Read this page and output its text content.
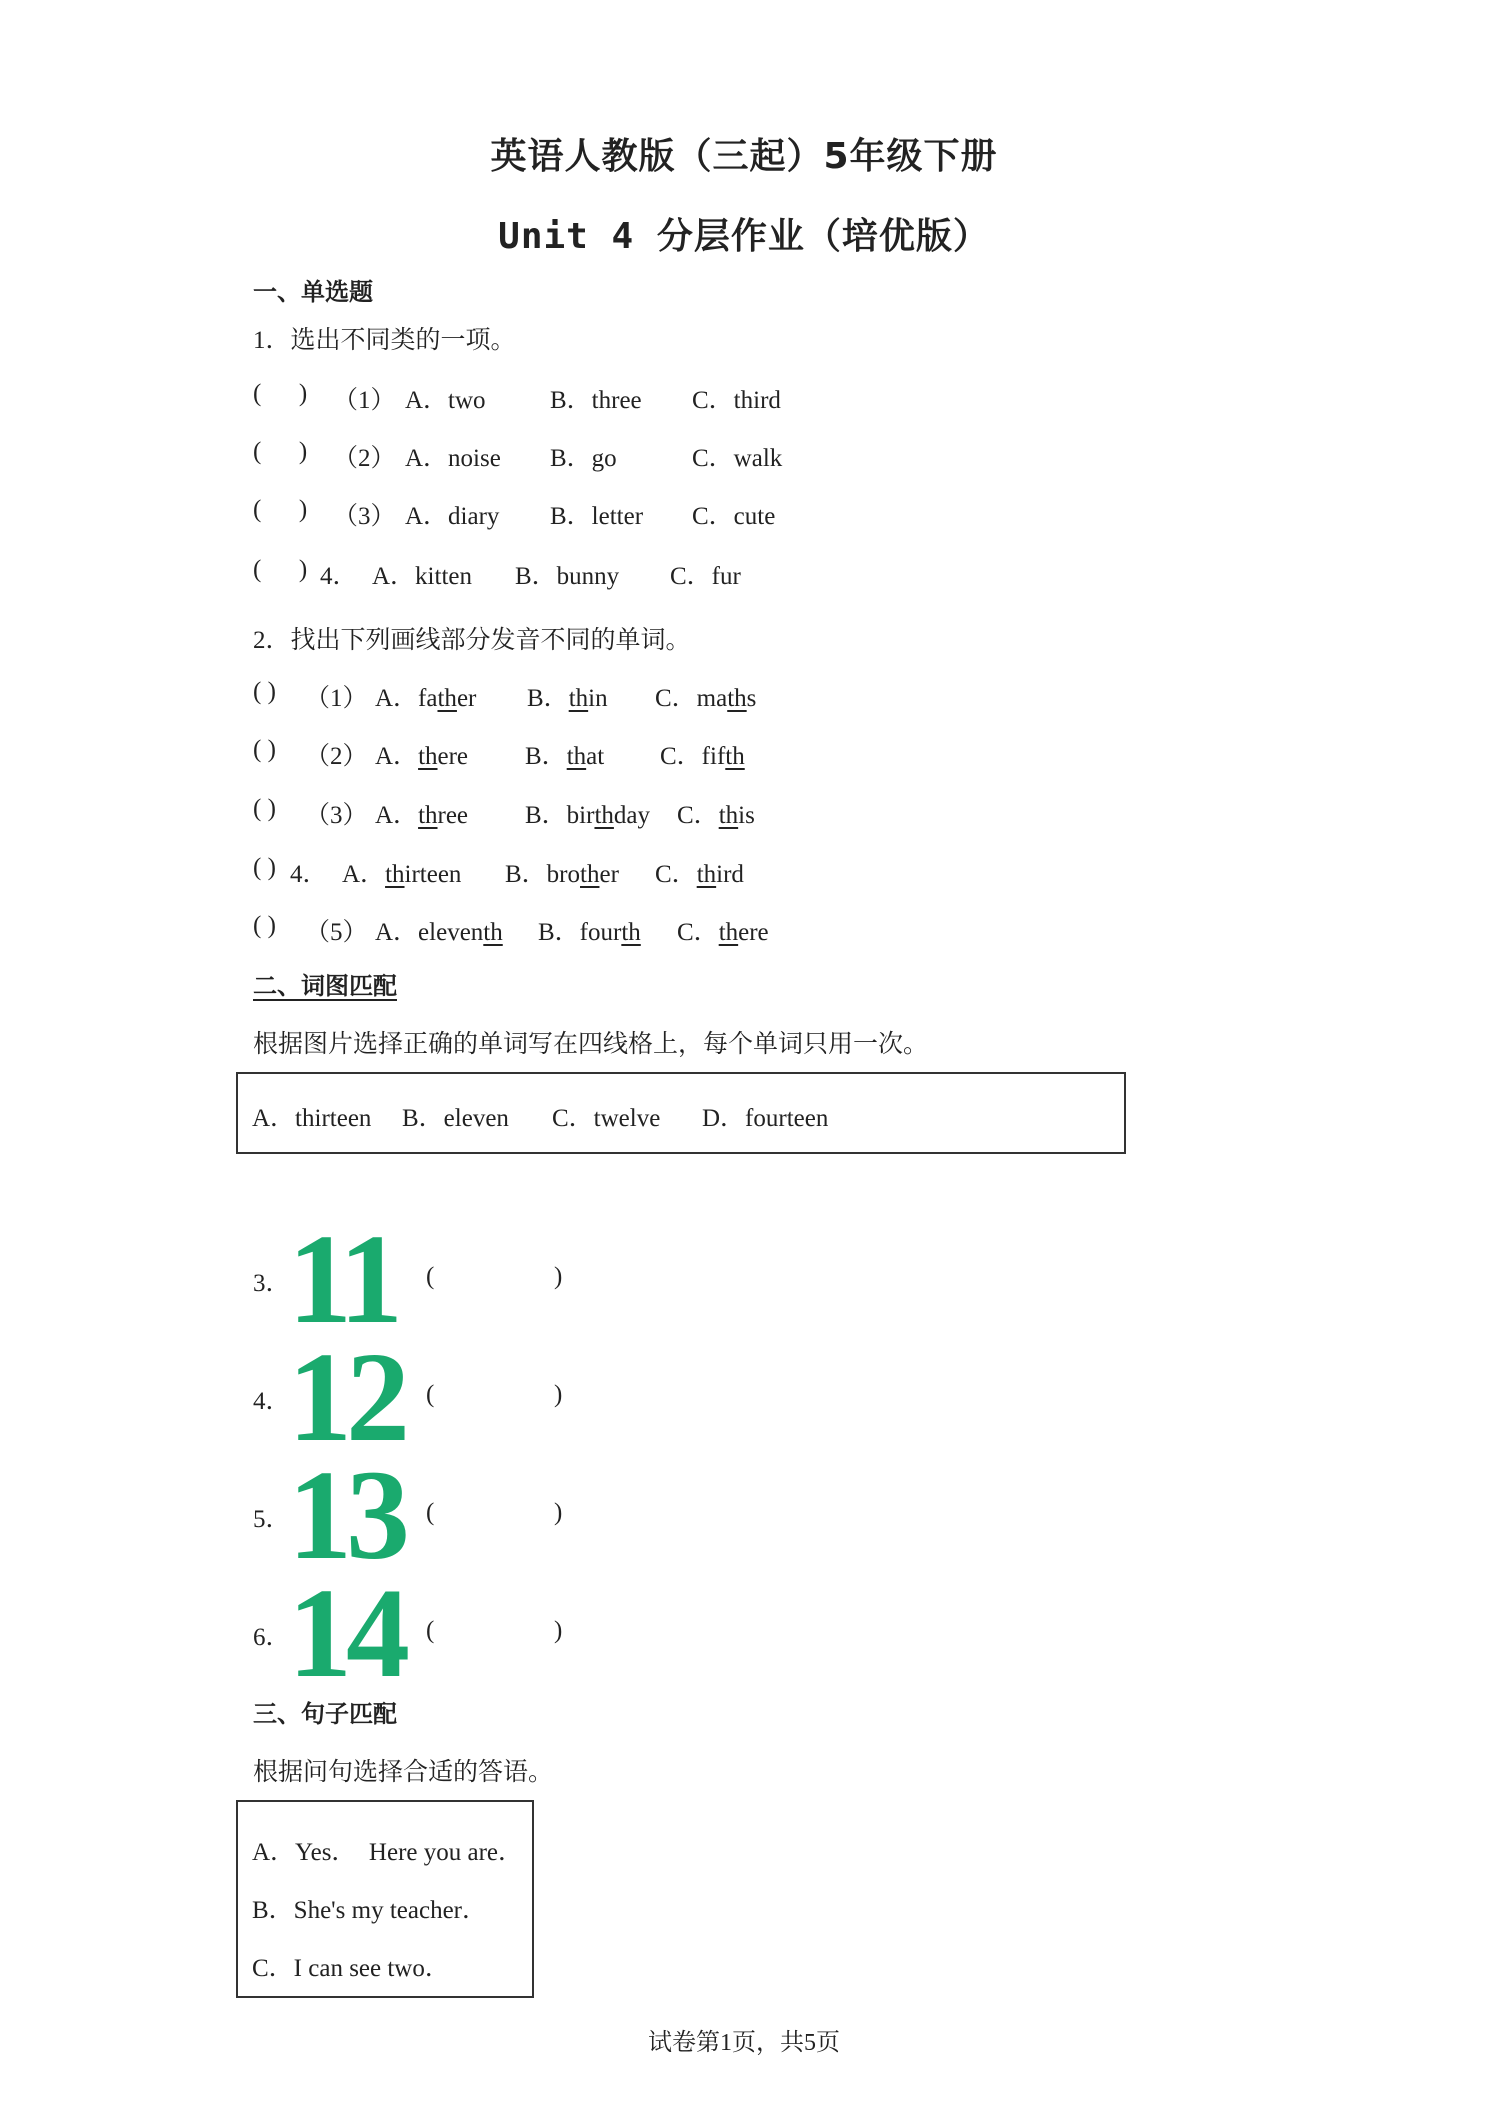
英语人教版（三起）5年级下册
Unit 4 分层作业（培优版）
一、单选题
1．选出不同类的一项。
(      ) （1） A．two	B．three C．third
(      ) （2） A．noise B．go	C．walk
(      ) （3） A．diary B．letter C．cute
(      ) 4． A．kitten B．bunny C．fur
2．找出下列画线部分发音不同的单词。
( ) （1） A．father B．thin C．maths
( ) （2） A．there B．that C．fifth
( ) （3） A．three B．birthday C．this
( ) 4． A．thirteen B．brother C．third
( ) （5） A．eleventh B．fourth C．there
二、词图匹配
根据图片选择正确的单词写在四线格上，每个单词只用一次。
A．thirteen B．eleven C．twelve D．fourteen
3．
11 (	)
4．
12 (	)
5．
13 (	)
6．
14 (	)
三、句子匹配
根据问句选择合适的答语。
A．Yes．  Here you are．
B．She's my teacher．
C．I can see two．
试卷第1页，共5页
